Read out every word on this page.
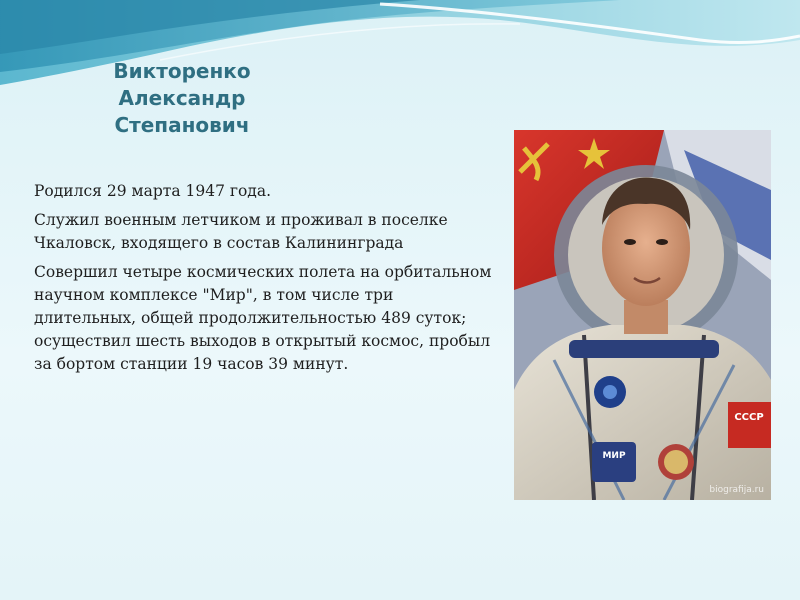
Викторенко
Александр
Степанович

Родился 29 марта 1947 года.

Служил военным летчиком и проживал в поселке Чкаловск, входящего в состав Калининграда

Совершил четыре космических полета на орбитальном научном комплексе "Мир", в том числе три длительных, общей продолжительностью 489 суток; осуществил шесть выходов в открытый космос, пробыл за бортом станции 19 часов 39 минут.

МИР
СССР
biografija.ru
